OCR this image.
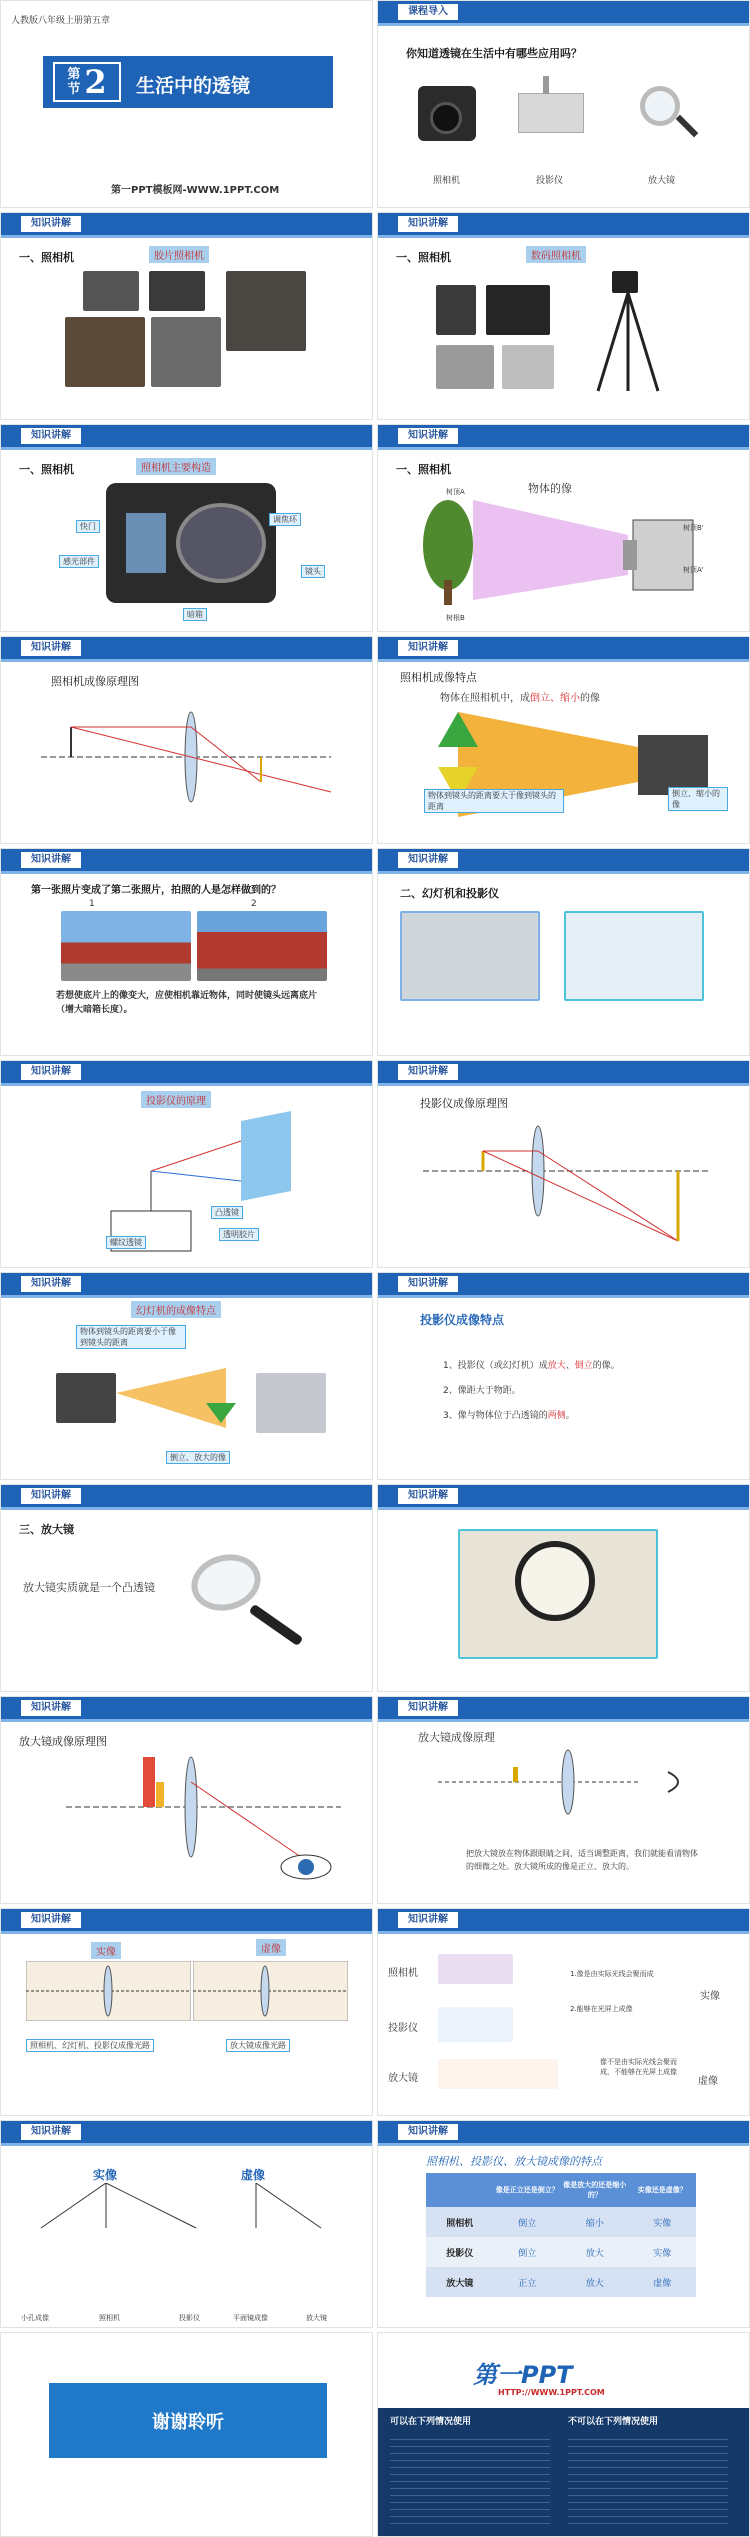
人教版八年级上册第五章
第
节 2 生活中的透镜
第一PPT模板网-WWW.1PPT.COM
课程导入
你知道透镜在生活中有哪些应用吗？
照相机	投影仪	放大镜
知识讲解
一、照相机	胶片照相机
知识讲解
一、照相机	数码照相机
知识讲解
一、照相机	照相机主要构造
快门
调焦环
感光部件
镜头
暗箱
知识讲解
一、照相机
物体的像
树顶A
树顶B'
树顶A'
树根B
知识讲解
照相机成像原理图
知识讲解
照相机成像特点
物体在照相机中，成倒立、缩小的像
物体到镜头的距离要大于像到镜头的距离
倒立、缩小的像
知识讲解
第一张照片变成了第二张照片，拍照的人是怎样做到的？
1	2
若想使底片上的像变大，应使相机靠近物体，同时使镜头远离底片（增大暗箱长度）。
知识讲解
二、幻灯机和投影仪
知识讲解
投影仪的原理
凸透镜
螺纹透镜
透明胶片
知识讲解
投影仪成像原理图
知识讲解
幻灯机的成像特点
物体到镜头的距离要小于像到镜头的距离
倒立、放大的像
知识讲解
投影仪成像特点
1、投影仪（或幻灯机）成放大、倒立的像。
2、像距大于物距。
3、像与物体位于凸透镜的两侧。
知识讲解
三、放大镜
放大镜实质就是一个凸透镜
知识讲解
知识讲解
放大镜成像原理图
知识讲解
放大镜成像原理
把放大镜放在物体跟眼睛之间，适当调整距离，我们就能看清物体的细微之处。放大镜所成的像是正立、放大的。
知识讲解
实像	虚像
照相机、幻灯机、投影仪成像光路	放大镜成像光路
知识讲解
照相机
投影仪
放大镜
1.像是由实际光线会聚而成
2.能够在光屏上成像
实像
像不是由实际光线会聚而成，不能够在光屏上成像
虚像
知识讲解
实像	虚像
小孔成像	照相机	投影仪	平面镜成像	放大镜
知识讲解
照相机、投影仪、放大镜成像的特点
	像是正立还是倒立？	像是放大的还是缩小的？	实像还是虚像？
照相机	倒立	缩小	实像
投影仪	倒立	放大	实像
放大镜	正立	放大	虚像
谢谢聆听
第一PPT
HTTP://WWW.1PPT.COM
可以在下列情况使用	不可以在下列情况使用
